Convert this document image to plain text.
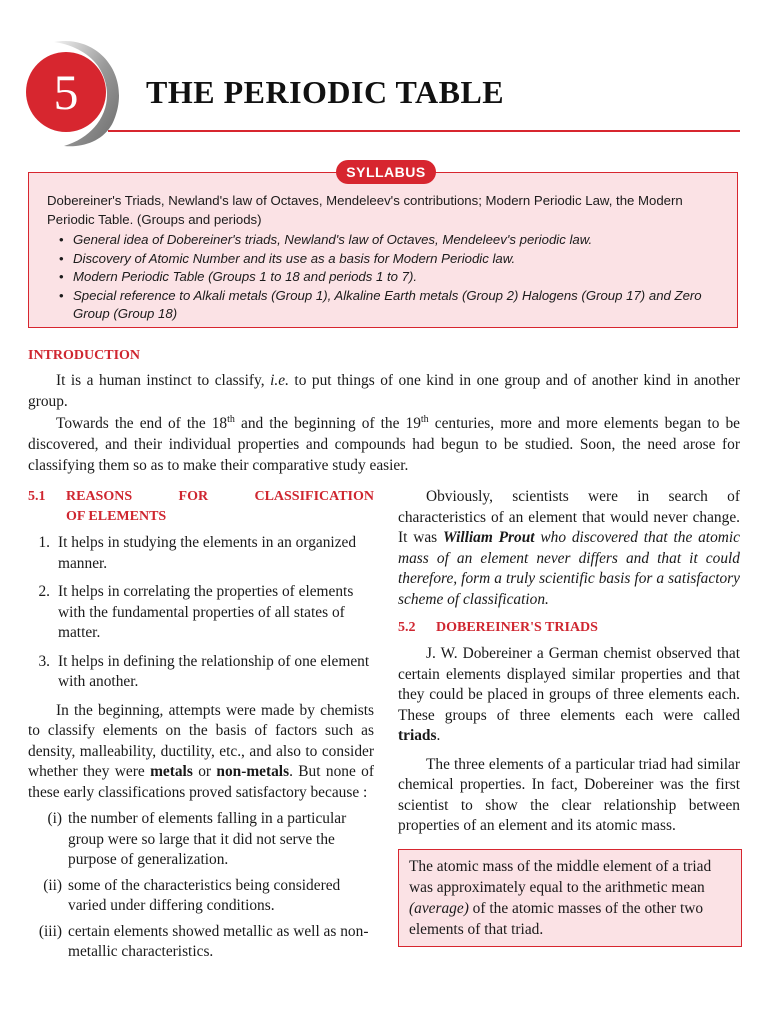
5 THE PERIODIC TABLE

Dobereiner's Triads, Newland's law of Octaves, Mendeleev's contributions; Modern Periodic Law, the Modern Periodic Table. (Groups and periods)

• General idea of Dobereiner's triads, Newland's law of Octaves, Mendeleev's periodic law.
• Discovery of Atomic Number and its use as a basis for Modern Periodic law.
• Modern Periodic Table (Groups 1 to 18 and periods 1 to 7).
• Special reference to Alkali metals (Group 1), Alkaline Earth metals (Group 2) Halogens (Group 17) and Zero Group (Group 18)
SYLLABUS
INTRODUCTION

It is a human instinct to classify, i.e. to put things of one kind in one group and of another kind in another group.

Towards the end of the 18th and the beginning of the 19th centuries, more and more elements began to be discovered, and their individual properties and compounds had begun to be studied. Soon, the need arose for classifying them so as to make their comparative study easier.

5.1	REASONS	FOR	CLASSIFICATION
OF ELEMENTS
1. It helps in studying the elements in an organized manner.
2. It helps in correlating the properties of elements with the fundamental properties of all states of matter.
3. It helps in defining the relationship of one element with another.

In the beginning, attempts were made by chemists to classify elements on the basis of factors such as density, malleability, ductility, etc., and also to consider whether they were metals or non-metals. But none of these early classifications proved satisfactory because :

(i) the number of elements falling in a particular group were so large that it did not serve the purpose of generalization.
(ii) some of the characteristics being considered varied under differing conditions.
(iii) certain elements showed metallic as well as non-metallic characteristics.

Obviously, scientists were in search of characteristics of an element that would never change. It was William Prout who discovered that the atomic mass of an element never differs and that it could therefore, form a truly scientific basis for a satisfactory scheme of classification.

5.2	DOBEREINER'S TRIADS

J. W. Dobereiner a German chemist observed that certain elements displayed similar properties and that they could be placed in groups of three elements each. These groups of three elements each were called triads.

The three elements of a particular triad had similar chemical properties. In fact, Dobereiner was the first scientist to show the clear relationship between properties of an element and its atomic mass.

The atomic mass of the middle element of a triad was approximately equal to the arithmetic mean (average) of the atomic masses of the other two elements of that triad.
